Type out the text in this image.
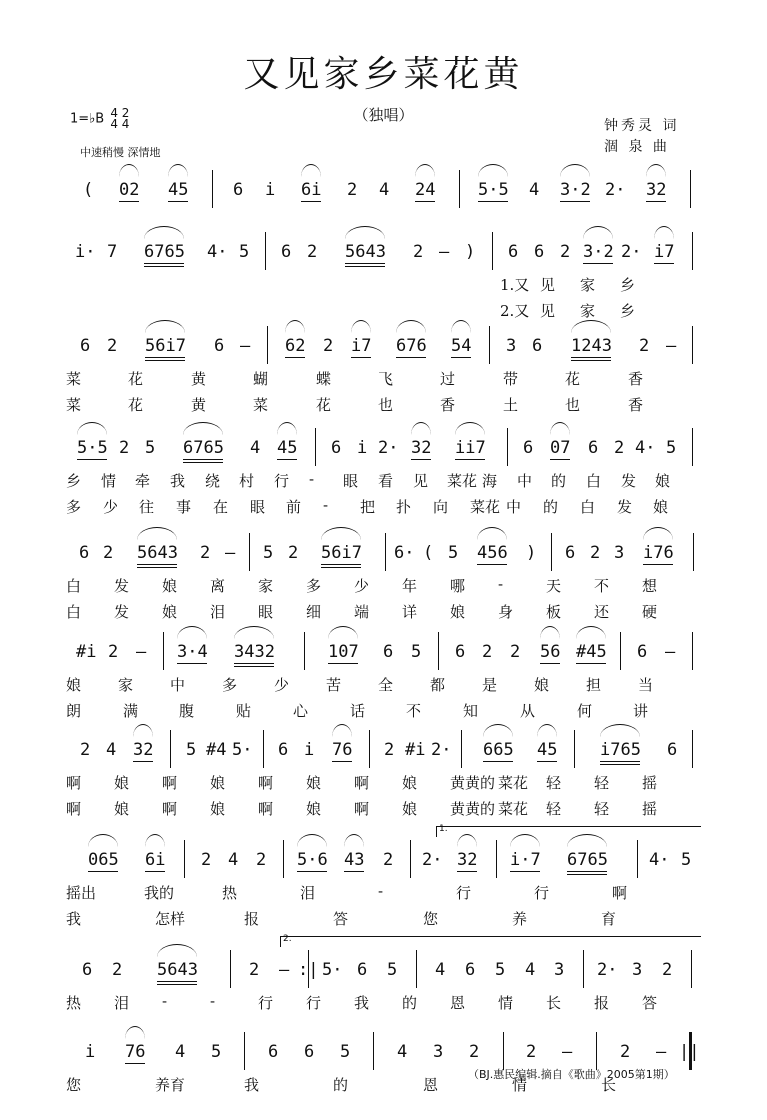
又见家乡菜花黄
（独唱）
1=♭B 4 2
4 4
中速稍慢 深情地
钟秀灵 词
涸 泉 曲
( 02 45	6 i 6i 2 4 24	5·5 4 3·2 2· 32
i· 7 6765 4· 5 6 2 5643 2 – ) 6 6 2 3·2 2· i7
1.又 见 家 乡
2.又 见 家 乡
6 2 56i7 6 – 62 2 i7 676 54 3 6 1243 2 –
菜	花	黄	蝴	蝶	飞	过	带	花	香
菜	花	黄	菜	花	也	香	土	也	香
5·5 2 5 6765 4 45 6 i 2· 32 ii7 6 07 6 2 4· 5
乡 情 牵 我 绕 村 行 - 眼 看 见 菜花 海 中 的 白 发 娘
多 少 往 事 在 眼 前 - 把 扑 向 菜花 中 的 白 发 娘
6 2 5643 2 – 5 2 56i7 6· ( 5 456 ) 6 2 3 i76
白 发 娘 离 家 多 少 年 哪 -	天 不 想
白 发 娘 泪 眼 细 端 详 娘 身 板 还 硬
#i 2 – 3·4 3432	107 6 5 6 2 2 56 #45 6 –
娘 家 中 多 少 苦 全 都 是 娘 担 当
朗	满	腹	贴	心	话	不	知	从	何	讲
2 4 32 5 #4 5· 6 i 76 2 #i 2· 665 45	i765 6
啊 娘 啊 娘 啊 娘 啊 娘 黄黄的 菜花 轻 轻 摇
啊 娘 啊 娘 啊 娘 啊 娘 黄黄的 菜花 轻 轻 摇
065 6i 2 4 2 5·6 43 2 2· 32 i·7 6765 4· 5
1.
摇出	我的	热	泪	-	行	行	啊
我	怎样	报	答	您	养	育
6 2 5643	2 – :| 5· 6 5 4 6 5 4 3 2· 3 2
2.
热 泪 -	-	行 行 我 的 恩 情 长 报 答
i 76 4 5	6 6 5	4 3 2	2 –	2 – ||
您	养育	我	的	恩	情	长
（BJ.惠民编辑.摘自《歌曲》2005第1期）
